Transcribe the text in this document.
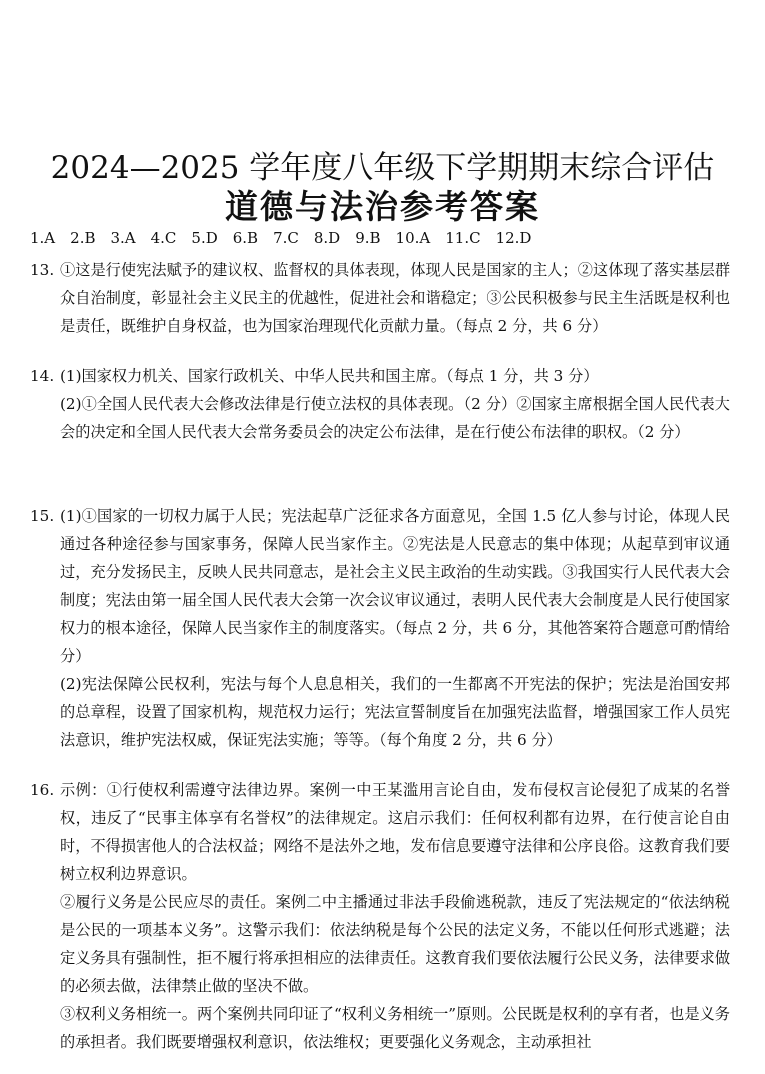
2024—2025 学年度八年级下学期期末综合评估
道德与法治参考答案
1.A　2.B　3.A　4.C　5.D　6.B　7.C　8.D　9.B　10.A　11.C　12.D
13. ①这是行使宪法赋予的建议权、监督权的具体表现，体现人民是国家的主人；②这体现了落实基层群众自治制度，彰显社会主义民主的优越性，促进社会和谐稳定；③公民积极参与民主生活既是权利也是责任，既维护自身权益，也为国家治理现代化贡献力量。（每点 2 分，共 6 分）

14. (1)国家权力机关、国家行政机关、中华人民共和国主席。（每点 1 分，共 3 分）

(2)①全国人民代表大会修改法律是行使立法权的具体表现。（2 分）②国家主席根据全国人民代表大会的决定和全国人民代表大会常务委员会的决定公布法律，是在行使公布法律的职权。（2 分）

15. (1)①国家的一切权力属于人民；宪法起草广泛征求各方面意见，全国 1.5 亿人参与讨论，体现人民通过各种途径参与国家事务，保障人民当家作主。②宪法是人民意志的集中体现；从起草到审议通过，充分发扬民主，反映人民共同意志，是社会主义民主政治的生动实践。③我国实行人民代表大会制度；宪法由第一届全国人民代表大会第一次会议审议通过，表明人民代表大会制度是人民行使国家权力的根本途径，保障人民当家作主的制度落实。（每点 2 分，共 6 分，其他答案符合题意可酌情给分）

(2)宪法保障公民权利，宪法与每个人息息相关，我们的一生都离不开宪法的保护；宪法是治国安邦的总章程，设置了国家机构，规范权力运行；宪法宣誓制度旨在加强宪法监督，增强国家工作人员宪法意识，维护宪法权威，保证宪法实施；等等。（每个角度 2 分，共 6 分）

16. 示例：①行使权利需遵守法律边界。案例一中王某滥用言论自由，发布侵权言论侵犯了成某的名誉权，违反了“民事主体享有名誉权”的法律规定。这启示我们：任何权利都有边界，在行使言论自由时，不得损害他人的合法权益；网络不是法外之地，发布信息要遵守法律和公序良俗。这教育我们要树立权利边界意识。

②履行义务是公民应尽的责任。案例二中主播通过非法手段偷逃税款，违反了宪法规定的“依法纳税是公民的一项基本义务”。这警示我们：依法纳税是每个公民的法定义务，不能以任何形式逃避；法定义务具有强制性，拒不履行将承担相应的法律责任。这教育我们要依法履行公民义务，法律要求做的必须去做，法律禁止做的坚决不做。

③权利义务相统一。两个案例共同印证了“权利义务相统一”原则。公民既是权利的享有者，也是义务的承担者。我们既要增强权利意识，依法维权；更要强化义务观念，主动承担社
